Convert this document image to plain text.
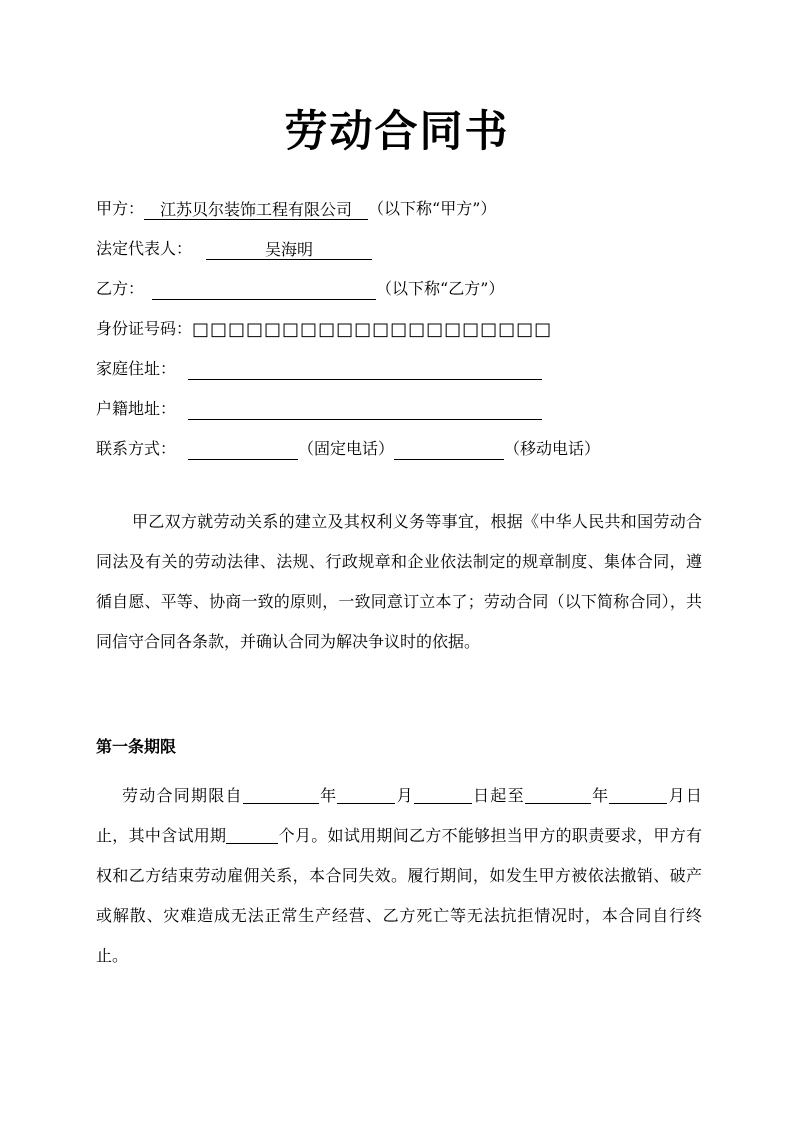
劳动合同书
甲方： 江苏贝尔装饰工程有限公司 （以下称“甲方”）
法定代表人：	吴海明
乙方：	（以下称“乙方”）
身份证号码：□□□□□□□□□□□□□□□□□□□□
家庭住址：
户籍地址：
联系方式：	（固定电话）	（移动电话）
甲乙双方就劳动关系的建立及其权利义务等事宜，根据《中华人民共和国劳动合同法及有关的劳动法律、法规、行政规章和企业依法制定的规章制度、集体合同，遵循自愿、平等、协商一致的原则，一致同意订立本了；劳动合同（以下简称合同），共同信守合同各条款，并确认合同为解决争议时的依据。
第一条期限
劳动合同期限自	年	月	日起至	年	月日止，其中含试用期	个月。如试用期间乙方不能够担当甲方的职责要求，甲方有权和乙方结束劳动雇佣关系，本合同失效。履行期间，如发生甲方被依法撤销、破产或解散、灾难造成无法正常生产经营、乙方死亡等无法抗拒情况时，本合同自行终止。
